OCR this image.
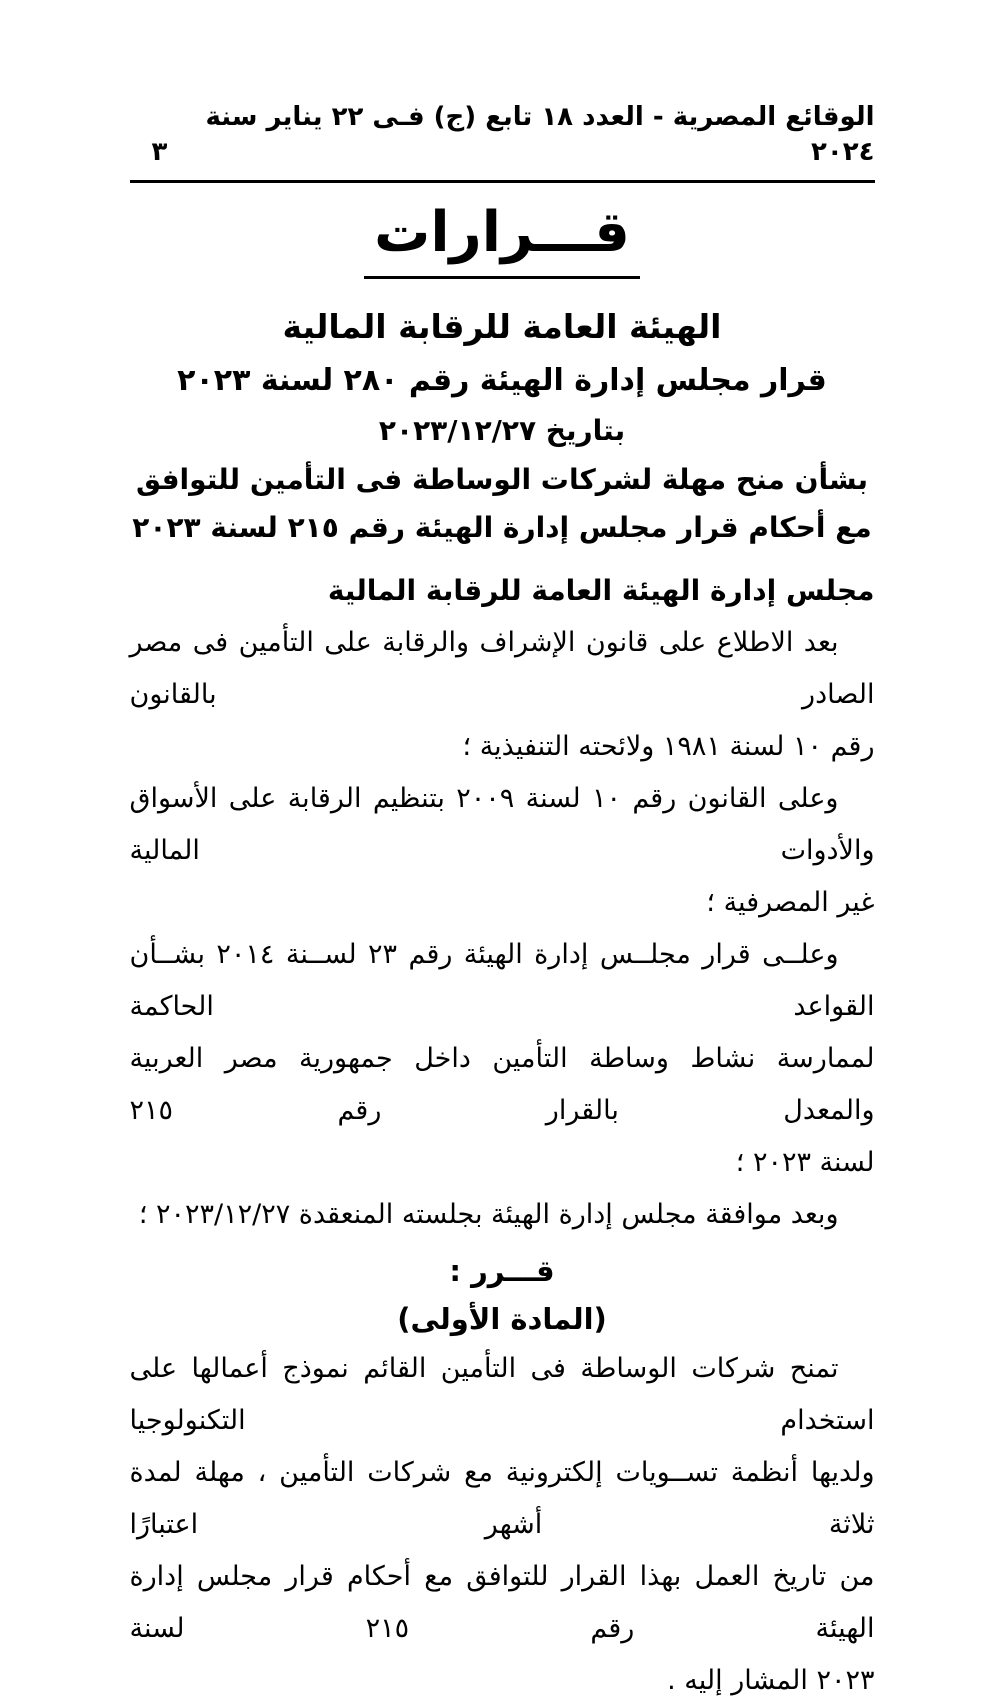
الوقائع المصرية - العدد ١٨ تابع (ج) فـى ٢٢ يناير سنة ٢٠٢٤
٣
قـــرارات
الهيئة العامة للرقابة المالية
قرار مجلس إدارة الهيئة رقم ٢٨٠ لسنة ٢٠٢٣
بتاريخ ٢٠٢٣/١٢/٢٧
بشأن منح مهلة لشركات الوساطة فى التأمين للتوافق
مع أحكام قرار مجلس إدارة الهيئة رقم ٢١٥ لسنة ٢٠٢٣
مجلس إدارة الهيئة العامة للرقابة المالية
بعد الاطلاع على قانون الإشراف والرقابة على التأمين فى مصر الصادر بالقانون
رقم ١٠ لسنة ١٩٨١ ولائحته التنفيذية ؛
وعلى القانون رقم ١٠ لسنة ٢٠٠٩ بتنظيم الرقابة على الأسواق والأدوات المالية
غير المصرفية ؛
وعلــى قرار مجلــس إدارة الهيئة رقم ٢٣ لســنة ٢٠١٤ بشــأن القواعد الحاكمة
لممارسة نشاط وساطة التأمين داخل جمهورية مصر العربية والمعدل بالقرار رقم ٢١٥
لسنة ٢٠٢٣ ؛
وبعد موافقة مجلس إدارة الهيئة بجلسته المنعقدة ٢٠٢٣/١٢/٢٧ ؛
قـــرر :
(المادة الأولى)
تمنح شركات الوساطة فى التأمين القائم نموذج أعمالها على استخدام التكنولوجيا
ولديها أنظمة تســويات إلكترونية مع شركات التأمين ، مهلة لمدة ثلاثة أشهر اعتبارًا
من تاريخ العمل بهذا القرار للتوافق مع أحكام قرار مجلس إدارة الهيئة رقم ٢١٥ لسنة
٢٠٢٣ المشار إليه .
